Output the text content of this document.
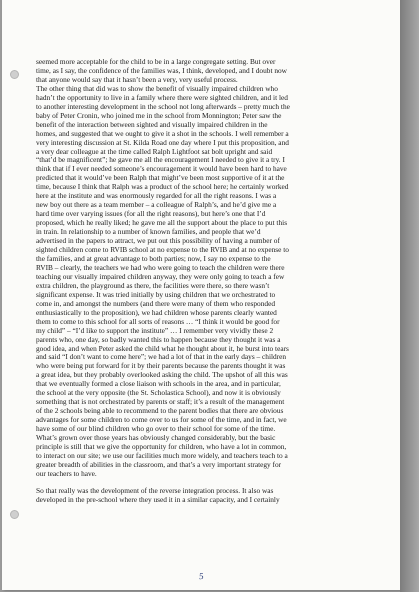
seemed more acceptable for the child to be in a large congregate setting. But over
time, as I say, the confidence of the families was, I think, developed, and I doubt now
that anyone would say that it hasn’t been a very, very useful process.
The other thing that did was to show the benefit of visually impaired children who
hadn’t the opportunity to live in a family where there were sighted children, and it led
to another interesting development in the school not long afterwards – pretty much the
baby of Peter Cronin, who joined me in the school from Monnington; Peter saw the
benefit of the interaction between sighted and visually impaired children in the
homes, and suggested that we ought to give it a shot in the schools. I well remember a
very interesting discussion at St. Kilda Road one day where I put this proposition, and
a very dear colleague at the time called Ralph Lightfoot sat bolt upright and said
“that’d be magnificent”; he gave me all the encouragement I needed to give it a try. I
think that if I ever needed someone’s encouragement it would have been hard to have
predicted that it would’ve been Ralph that might’ve been most supportive of it at the
time, because I think that Ralph was a product of the school here; he certainly worked
here at the institute and was enormously regarded for all the right reasons. I was a
new boy out there as a team member – a colleague of Ralph’s, and he’d give me a
hard time over varying issues (for all the right reasons), but here’s one that I’d
proposed, which he really liked; he gave me all the support about the place to put this
in train. In relationship to a number of known families, and people that we’d
advertised in the papers to attract, we put out this possibility of having a number of
sighted children come to RVIB school at no expense to the RVIB and at no expense to
the families, and at great advantage to both parties; now, I say no expense to the
RVIB – clearly, the teachers we had who were going to teach the children were there
teaching our visually impaired children anyway, they were only going to teach a few
extra children, the playground as there, the facilities were there, so there wasn’t
significant expense. It was tried initially by using children that we orchestrated to
come in, and amongst the numbers (and there were many of them who responded
enthusiastically to the proposition), we had children whose parents clearly wanted
them to come to this school for all sorts of reasons … “I think it would be good for
my child” – “I’d like to support the institute” … I remember very vividly these 2
parents who, one day, so badly wanted this to happen because they thought it was a
good idea, and when Peter asked the child what he thought about it, he burst into tears
and said “I don’t want to come here”; we had a lot of that in the early days – children
who were being put forward for it by their parents because the parents thought it was
a great idea, but they probably overlooked asking the child. The upshot of all this was
that we eventually formed a close liaison with schools in the area, and in particular,
the school at the very opposite (the St. Scholastica School), and now it is obviously
something that is not orchestrated by parents or staff; it’s a result of the management
of the 2 schools being able to recommend to the parent bodies that there are obvious
advantages for some children to come over to us for some of the time, and in fact, we
have some of our blind children who go over to their school for some of the time.
What’s grown over those years has obviously changed considerably, but the basic
principle is still that we give the opportunity for children, who have a lot in common,
to interact on our site; we use our facilities much more widely, and teachers teach to a
greater breadth of abilities in the classroom, and that’s a very important strategy for
our teachers to have.

So that really was the development of the reverse integration process. It also was
developed in the pre-school where they used it in a similar capacity, and I certainly

5
